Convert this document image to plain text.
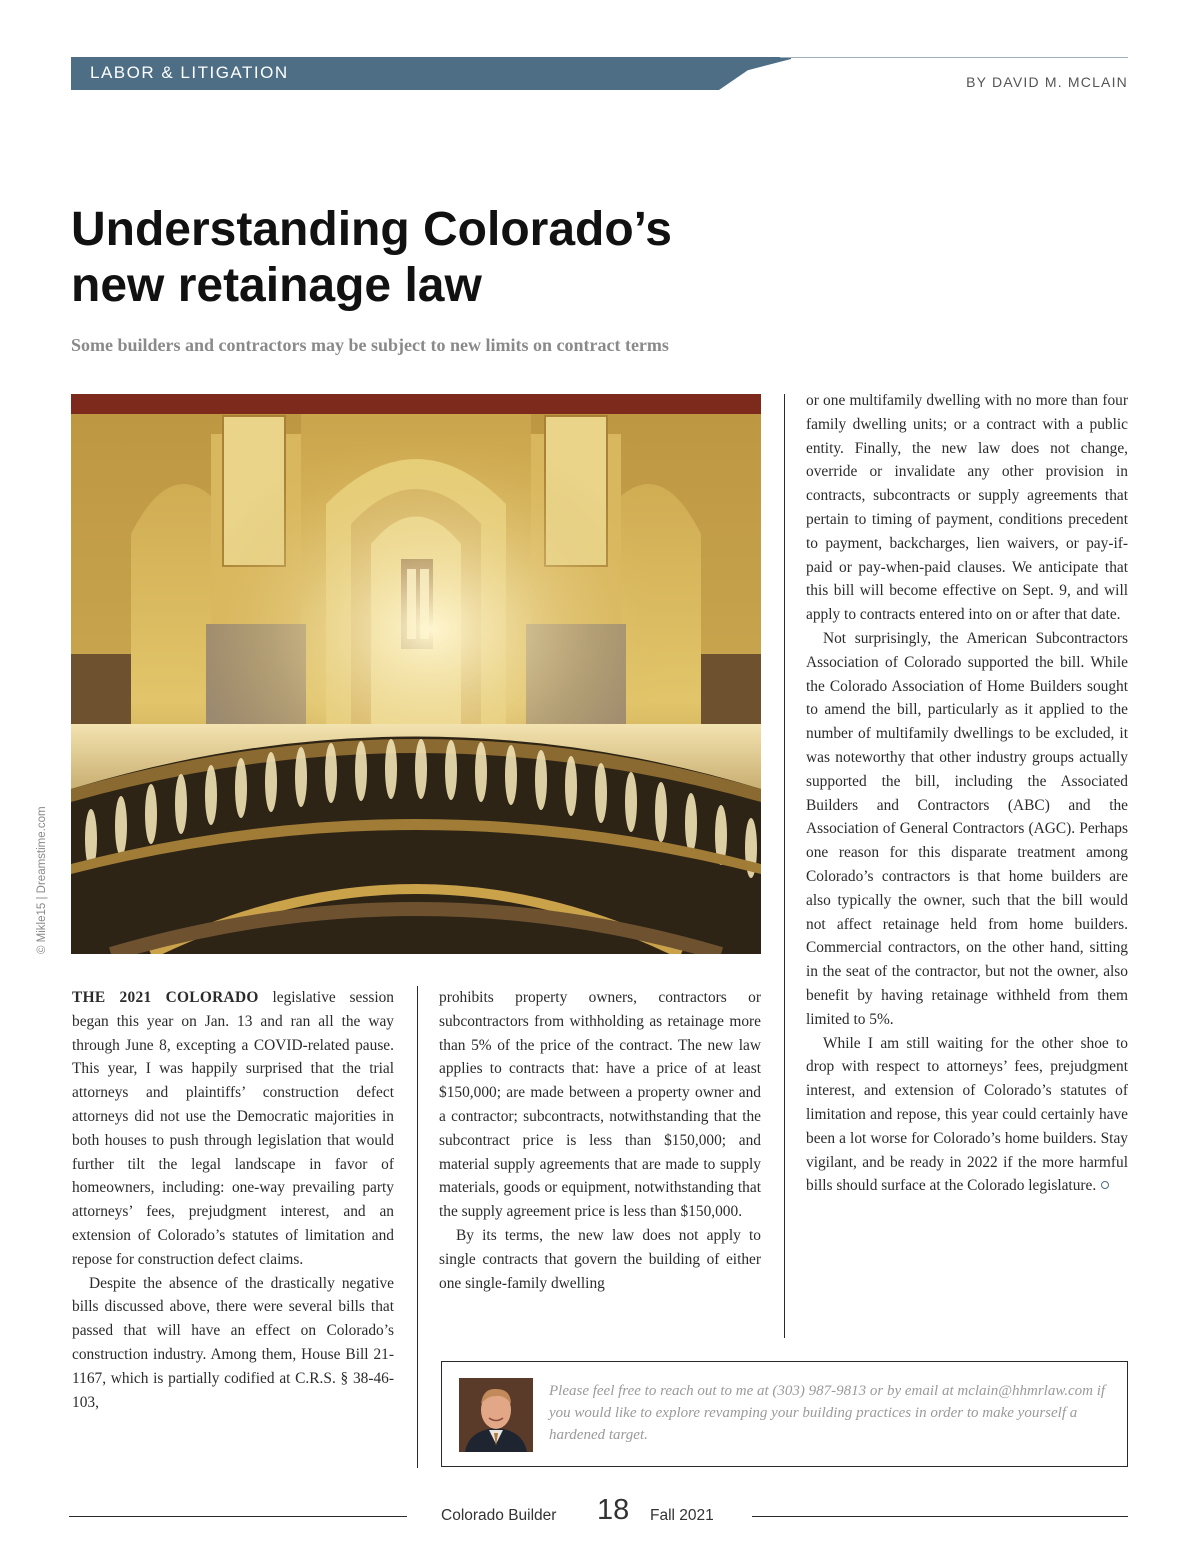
LABOR & LITIGATION	BY DAVID M. MCLAIN
Understanding Colorado’s
new retainage law
Some builders and contractors may be subject to new limits on contract terms
© Mikle15 | Dreamstime.com

THE 2021 COLORADO legislative session began this year on Jan. 13 and ran all the way through June 8, excepting a COVID-related pause. This year, I was happily surprised that the trial attorneys and plaintiffs’ construction defect attorneys did not use the Democratic majorities in both houses to push through legislation that would further tilt the legal landscape in favor of homeowners, including: one-way prevailing party attorneys’ fees, prejudgment interest, and an extension of Colorado’s statutes of limitation and repose for construction defect claims.

Despite the absence of the drastically negative bills discussed above, there were several bills that passed that will have an effect on Colorado’s construction industry. Among them, House Bill 21-1167, which is partially codified at C.R.S. § 38-46-103,

prohibits property owners, contractors or subcontractors from withholding as retainage more than 5% of the price of the contract. The new law applies to contracts that: have a price of at least $150,000; are made between a property owner and a contractor; subcontracts, notwithstanding that the subcontract price is less than $150,000; and material supply agreements that are made to supply materials, goods or equipment, notwithstanding that the supply agreement price is less than $150,000.

By its terms, the new law does not apply to single contracts that govern the building of either one single-family dwelling

or one multifamily dwelling with no more than four family dwelling units; or a contract with a public entity. Finally, the new law does not change, override or invalidate any other provision in contracts, subcontracts or supply agreements that pertain to timing of payment, conditions precedent to payment, backcharges, lien waivers, or pay-if-paid or pay-when-paid clauses. We anticipate that this bill will become effective on Sept. 9, and will apply to contracts entered into on or after that date.

Not surprisingly, the American Subcontractors Association of Colorado supported the bill. While the Colorado Association of Home Builders sought to amend the bill, particularly as it applied to the number of multifamily dwellings to be excluded, it was noteworthy that other industry groups actually supported the bill, including the Associated Builders and Contractors (ABC) and the Association of General Contractors (AGC). Perhaps one reason for this disparate treatment among Colorado’s contractors is that home builders are also typically the owner, such that the bill would not affect retainage held from home builders. Commercial contractors, on the other hand, sitting in the seat of the contractor, but not the owner, also benefit by having retainage withheld from them limited to 5%.

While I am still waiting for the other shoe to drop with respect to attorneys’ fees, prejudgment interest, and extension of Colorado’s statutes of limitation and repose, this year could certainly have been a lot worse for Colorado’s home builders. Stay vigilant, and be ready in 2022 if the more harmful bills should surface at the Colorado legislature.

Please feel free to reach out to me at (303) 987-9813 or by email at mclain@hhmrlaw.com if you would like to explore revamping your building practices in order to make yourself a hardened target.
Colorado Builder 18 Fall 2021
